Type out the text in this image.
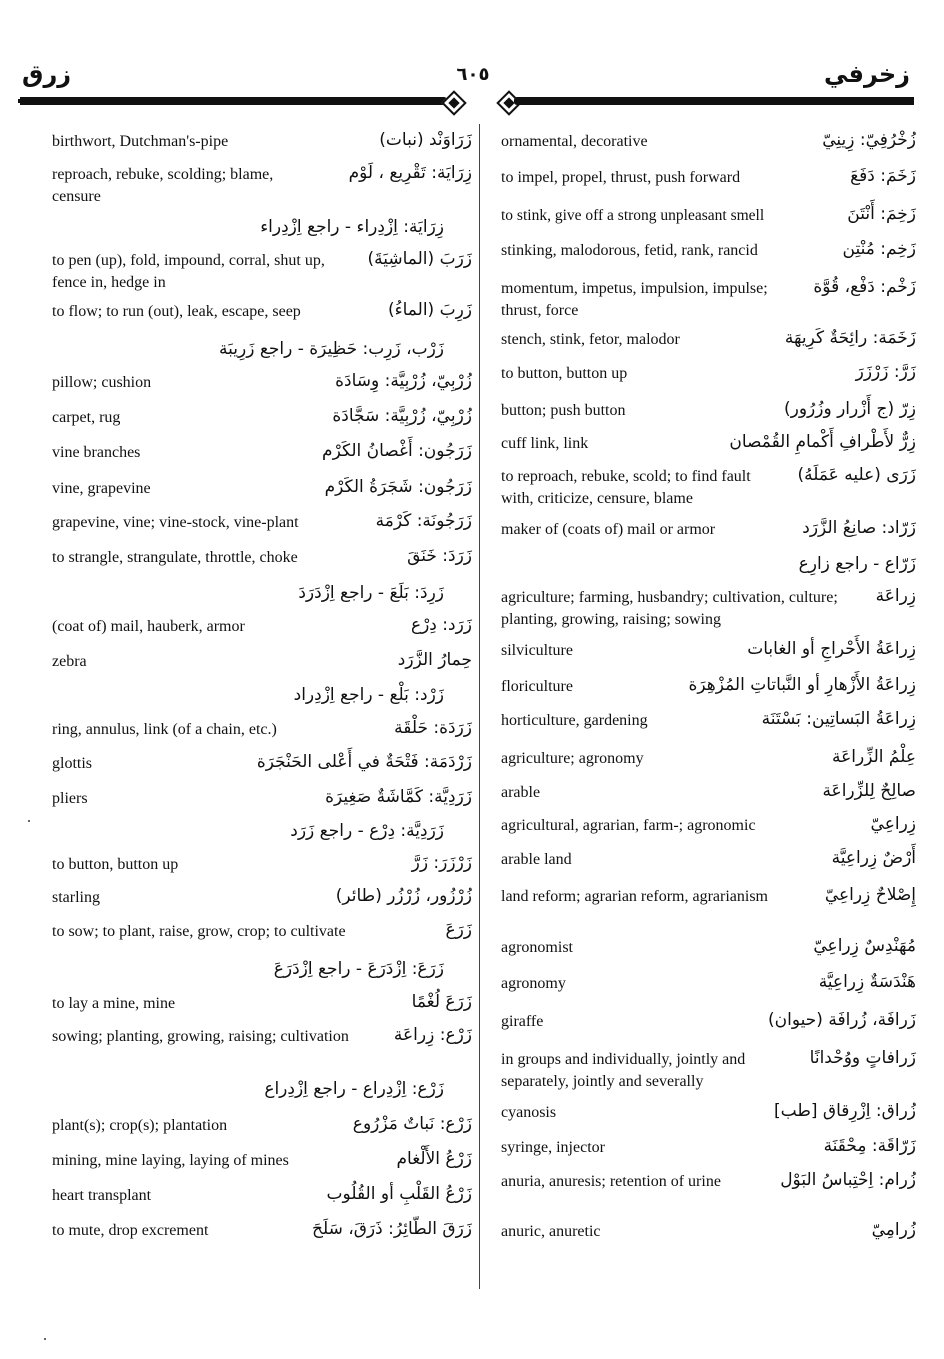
زرق	٦٠٥	زخرفي
birthwort, Dutchman's-pipe	زَرَاوَنْد (نبات)
reproach, rebuke, scolding; blame, censure
زِرَايَة: تَقْرِيع ، لَوْم
زِرَايَة: اِزْدِراء - راجع اِزْدِراء
to pen (up), fold, impound, corral, shut up, fence in, hedge in
زَرَبَ (الماشِيَةَ)
to flow; to run (out), leak, escape, seep	زَرِبَ (الماءُ)
زَرْب، زَرِب: حَظِيرَة - راجع زَرِيبَة
pillow; cushion	زُرْبِيّ، زُرْبِيَّة: وِسَادَة
carpet, rug	زُرْبِيّ، زُرْبِيَّة: سَجَّادَة
vine branches	زَرَجُون: أَغْصانُ الكَرْم
vine, grapevine	زَرَجُون: شَجَرَةُ الكَرْم
grapevine, vine; vine-stock, vine-plant	زَرَجُونَة: كَرْمَة
to strangle, strangulate, throttle, choke	زَرَدَ: خَنَقَ
زَرِدَ: بَلَعَ - راجع اِزْدَرَدَ
(coat of) mail, hauberk, armor	زَرَد: دِرْع
zebra	حِمارُ الزَّرَد
زَرْد: بَلْع - راجع اِزْدِراد
ring, annulus, link (of a chain, etc.)	زَرَدَة: حَلْقَة
glottis	زَرْدَمَة: فَتْحَةٌ في أَعْلى الحَنْجَرَة
pliers	زَرَدِيَّة: كَمَّاشَةٌ صَغِيرَة
زَرَدِيَّة: دِرْع - راجع زَرَد
to button, button up	زَرْزَرَ: زَرَّ
starling	زُرْزُور، زُرْزُر (طائر)
to sow; to plant, raise, grow, crop; to cultivate	زَرَعَ
زَرَعَ: اِزْدَرَعَ - راجع اِزْدَرَعَ
to lay a mine, mine	زَرَعَ لُغْمًا
sowing; planting, growing, raising; cultivation	زَرْع: زِراعَة
زَرْع: اِزْدِراع - راجع اِزْدِراع
plant(s); crop(s); plantation	زَرْع: نَباتٌ مَزْرُوع
mining, mine laying, laying of mines	زَرْعُ الأَلْغام
heart transplant	زَرْعُ القَلْبِ أو القُلُوب
to mute, drop excrement	زَرَقَ الطّائِرُ: ذَرَقَ، سَلَحَ
ornamental, decorative	زُخْرُفِيّ: زِينِيّ
to impel, propel, thrust, push forward	زَخَمَ: دَفَعَ
to stink, give off a strong unpleasant smell	زَخِمَ: أَنْتَنَ
stinking, malodorous, fetid, rank, rancid	زَخِم: مُنْتِن
momentum, impetus, impulsion, impulse; thrust, force
زَخْم: دَفْع، قُوَّة
stench, stink, fetor, malodor	زَخَمَة: رائِحَةٌ كَرِيهَة
to button, button up	زَرَّ: زَرْزَرَ
button; push button	زِرّ (ج أَزْرار وزُرُور)
cuff link, link	زِرٌّ لأَطْرافِ أَكْمامِ القُمْصان
to reproach, rebuke, scold; to find fault with, criticize, censure, blame
زَرَى (عليه عَمَلَهُ)
maker of (coats of) mail or armor	زَرّاد: صانِعُ الزَّرَد
زَرّاع - راجع زارِع
agriculture; farming, husbandry; cultivation, culture; planting, growing, raising; sowing
زِراعَة
silviculture	زِراعَةُ الأَحْراجِ أو الغابات
floriculture	زِراعَةُ الأَزْهارِ أو النَّباتاتِ المُزْهِرَة
horticulture, gardening	زِراعَةُ البَساتِين: بَسْتَنَة
agriculture; agronomy	عِلْمُ الزِّراعَة
arable	صالِحٌ لِلزِّراعَة
agricultural, agrarian, farm-; agronomic	زِراعِيّ
arable land	أَرْضٌ زِراعِيَّة
land reform; agrarian reform, agrarianism	إِصْلاحٌ زِراعِيّ
agronomist	مُهَنْدِسٌ زِراعِيّ
agronomy	هَنْدَسَةٌ زِراعِيَّة
giraffe	زَرافَة، زُرافَة (حيوان)
in groups and individually, jointly and separately, jointly and severally
زَرافاتٍ ووُحْدانًا
cyanosis	زُراق: اِزْرِقاق [طب]
syringe, injector	زَرّاقَة: مِحْقَنَة
anuria, anuresis; retention of urine	زُرام: اِحْتِباسُ البَوْل
anuric, anuretic	زُرامِيّ
